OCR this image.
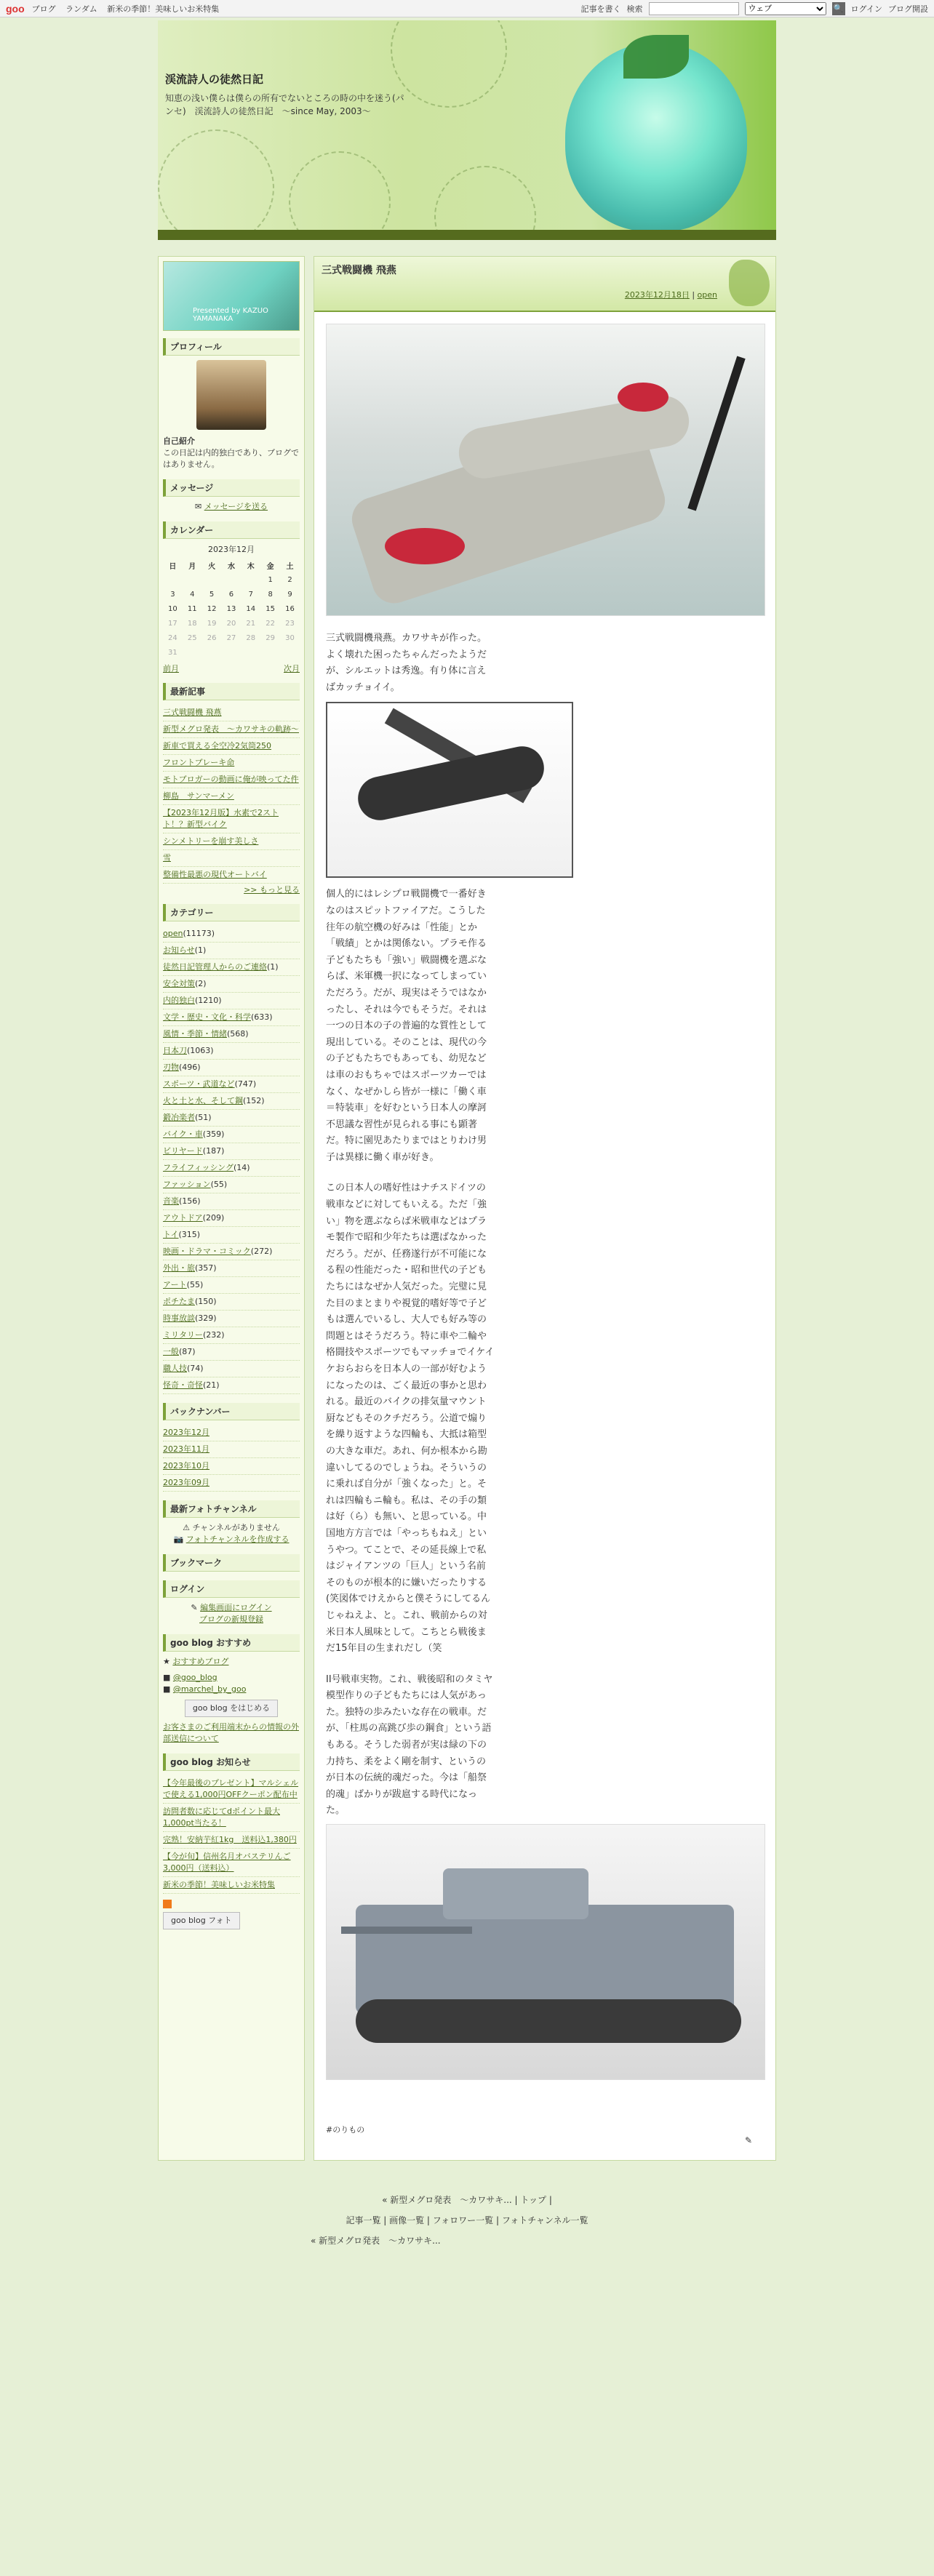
goo ブログ ランダム 新米の季節！美味しいお米特集	記事を書く 検索
ウェブ	🔍 ログイン ブログ開設
渓流詩人の徒然日記
知恵の浅い僕らは僕らの所有でないところの時の中を迷う(パンセ)　渓流詩人の徒然日記　～since May, 2003～
Presented by KAZUO YAMANAKA
プロフィール

自己紹介

この日記は内的独白であり、ブログではありません。

メッセージ

✉ メッセージを送る

カレンダー
2023年12月
日	月	火	水	木	金	土
					1	2
3	4	5	6	7	8	9
10	11	12	13	14	15	16
17	18	19	20	21	22	23
24	25	26	27	28	29	30
31						
前月	次月
最新記事
三式戦闘機 飛燕
新型メグロ発表　～カワサキの軌跡～
新車で買える全空冷2気筒250
フロントブレーキ命
モトブロガーの動画に俺が映ってた件
柳島　サンマーメン
【2023年12月版】水素で2ストト！？新型バイク
シンメトリーを崩す美しさ
雪
整備性最悪の現代オートバイ
>> もっと見る
カテゴリー
open(11173)
お知らせ(1)
徒然日記管理人からのご連絡(1)
安全対策(2)
内的独白(1210)
文学・歴史・文化・科学(633)
風情・季節・情緒(568)
日本刀(1063)
刃物(496)
スポーツ・武道など(747)
火と土と水、そして鋼(152)
鍛冶楽者(51)
バイク・車(359)
ビリヤード(187)
フライフィッシング(14)
ファッション(55)
音楽(156)
アウトドア(209)
トイ(315)
映画・ドラマ・コミック(272)
外出・旅(357)
アート(55)
ポチたま(150)
時事放談(329)
ミリタリー(232)
一般(87)
職人技(74)
怪奇・奇怪(21)
バックナンバー
2023年12月
2023年11月
2023年10月
2023年09月
最新フォトチャンネル

⚠ チャンネルがありません

📷 フォトチャンネルを作成する

ブックマーク
ログイン

✎ 編集画面にログイン

ブログの新規登録

goo blog おすすめ

★ おすすめブログ

■ @goo_blog

■ @marchel_by_goo

goo blog をはじめる

お客さまのご利用端末からの情報の外部送信について

goo blog お知らせ
【今年最後のプレゼント】マルシェルで使える1,000円OFFクーポン配布中
訪問者数に応じてdポイント最大1,000pt当たる！
完熟！安納芋紅1kg　送料込1,380円
【今が旬】信州名月オバステリんご3,000円（送料込）
新米の季節！美味しいお米特集

goo blog フォト

三式戦闘機 飛燕
2023年12月18日 | open

三式戦闘機飛燕。カワサキが作った。よく壊れた困ったちゃんだったようだが、シルエットは秀逸。有り体に言えばカッチョイイ。

個人的にはレシプロ戦闘機で一番好きなのはスピットファイアだ。こうした往年の航空機の好みは「性能」とか「戦績」とかは関係ない。プラモ作る子どもたちも「強い」戦闘機を選ぶならば、米軍機一択になってしまっていただろう。だが、現実はそうではなかったし、それは今でもそうだ。それは一つの日本の子の普遍的な質性として現出している。そのことは、現代の今の子どもたちでもあっても、幼児などは車のおもちゃではスポーツカーではなく、なぜかしら皆が一様に「働く車＝特装車」を好むという日本人の摩訶不思議な習性が見られる事にも顕著だ。特に園児あたりまではとりわけ男子は異様に働く車が好き。

この日本人の嗜好性はナチスドイツの戦車などに対してもいえる。ただ「強い」物を選ぶならば米戦車などはプラモ製作で昭和少年たちは選ばなかっただろう。だが、任務遂行が不可能になる程の性能だった・昭和世代の子どもたちにはなぜか人気だった。完璧に見た目のまとまりや視覚的嗜好等で子どもは選んでいるし、大人でも好み等の問題とはそうだろう。特に車や二輪や格闘技やスポーツでもマッチョでイケイケおらおらを日本人の一部が好むようになったのは、ごく最近の事かと思われる。最近のバイクの排気量マウント厨などもそのクチだろう。公道で煽りを繰り返すような四輪も、大抵は箱型の大きな車だ。あれ、何か根本から勘違いしてるのでしょうね。そういうのに乗れば自分が「強くなった」と。それは四輪もニ輪も。私は、その手の類は好（ら）も無い、と思っている。中国地方方言では「やっちもねえ」というやつ。てことで、その延長線上で私はジャイアンツの「巨人」という名前そのものが根本的に嫌いだったりする(笑図体でけえからと僕そうにしてるんじゃねえよ、と。これ、戦前からの対米日本人風味として。こちとら戦後まだ15年目の生まれだし（笑

II号戦車実物。これ、戦後昭和のタミヤ模型作りの子どもたちには人気があった。独特の歩みたいな存在の戦車。だが、「柱馬の高跳び歩の鋼食」という語もある。そうした弱者が実は緑の下の力持ち、柔をよく剛を制す、というのが日本の伝統的魂だった。今は「船祭的魂」ばかりが跋扈する時代になった。

#のりもの

✎

« 新型メグロ発表　～カワサキ... | トップ |
記事一覧 | 画像一覧 | フォロワー一覧 | フォトチャンネル一覧
« 新型メグロ発表　～カワサキ...
